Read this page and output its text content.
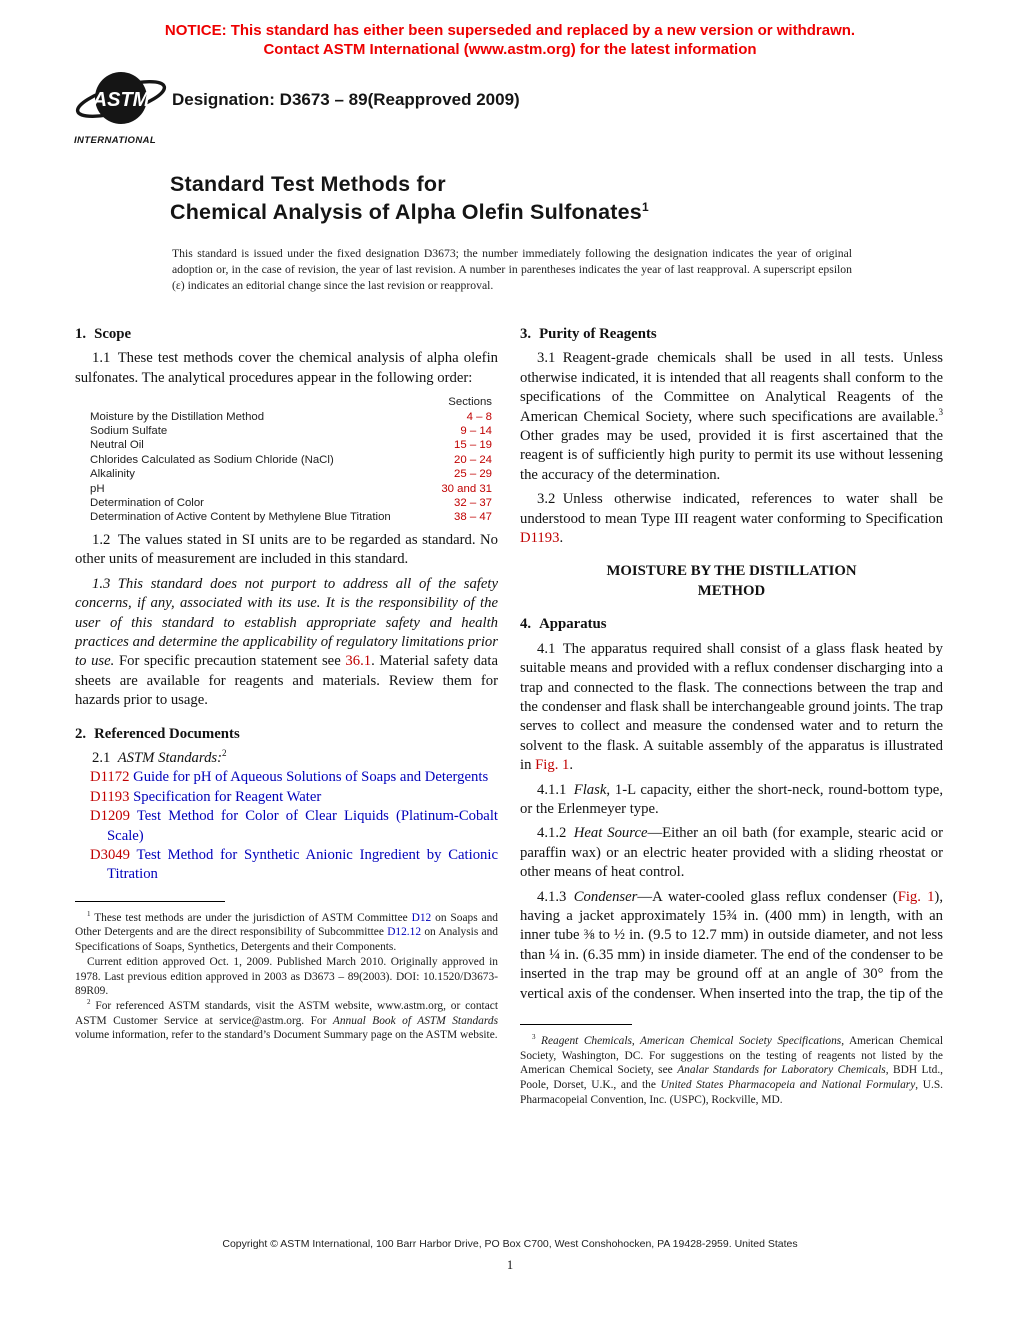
NOTICE: This standard has either been superseded and replaced by a new version or withdrawn.
Contact ASTM International (www.astm.org) for the latest information
ASTM
INTERNATIONAL
Designation: D3673 – 89(Reapproved 2009)
Standard Test Methods for
Chemical Analysis of Alpha Olefin Sulfonates$^1$
This standard is issued under the fixed designation D3673; the number immediately following the designation indicates the year of original adoption or, in the case of revision, the year of last revision. A number in parentheses indicates the year of last reapproval. A superscript epsilon (ε) indicates an editorial change since the last revision or reapproval.
1. Scope

1.1 These test methods cover the chemical analysis of alpha olefin sulfonates. The analytical procedures appear in the following order:

Sections
Moisture by the Distillation Method	4 – 8
Sodium Sulfate	9 – 14
Neutral Oil	15 – 19
Chlorides Calculated as Sodium Chloride (NaCl)	20 – 24
Alkalinity	25 – 29
pH	30 and 31
Determination of Color	32 – 37
Determination of Active Content by Methylene Blue Titration	38 – 47

1.2 The values stated in SI units are to be regarded as standard. No other units of measurement are included in this standard.

1.3 This standard does not purport to address all of the safety concerns, if any, associated with its use. It is the responsibility of the user of this standard to establish appropriate safety and health practices and determine the applicability of regulatory limitations prior to use. For specific precaution statement see 36.1. Material safety data sheets are available for reagents and materials. Review them for hazards prior to usage.

2. Referenced Documents

2.1 ASTM Standards:$^2$

D1172 Guide for pH of Aqueous Solutions of Soaps and Detergents
D1193 Specification for Reagent Water
D1209 Test Method for Color of Clear Liquids (Platinum-Cobalt Scale)
D3049 Test Method for Synthetic Anionic Ingredient by Cationic Titration

$^1$ These test methods are under the jurisdiction of ASTM Committee D12 on Soaps and Other Detergents and are the direct responsibility of Subcommittee D12.12 on Analysis and Specifications of Soaps, Synthetics, Detergents and their Components.

Current edition approved Oct. 1, 2009. Published March 2010. Originally approved in 1978. Last previous edition approved in 2003 as D3673 – 89(2003). DOI: 10.1520/D3673-89R09.

$^2$ For referenced ASTM standards, visit the ASTM website, www.astm.org, or contact ASTM Customer Service at service@astm.org. For Annual Book of ASTM Standards volume information, refer to the standard’s Document Summary page on the ASTM website.

3. Purity of Reagents

3.1 Reagent-grade chemicals shall be used in all tests. Unless otherwise indicated, it is intended that all reagents shall conform to the specifications of the Committee on Analytical Reagents of the American Chemical Society, where such specifications are available.$^3$ Other grades may be used, provided it is first ascertained that the reagent is of sufficiently high purity to permit its use without lessening the accuracy of the determination.

3.2 Unless otherwise indicated, references to water shall be understood to mean Type III reagent water conforming to Specification D1193.

MOISTURE BY THE DISTILLATION
METHOD
4. Apparatus

4.1 The apparatus required shall consist of a glass flask heated by suitable means and provided with a reflux condenser discharging into a trap and connected to the flask. The connections between the trap and the condenser and flask shall be interchangeable ground joints. The trap serves to collect and measure the condensed water and to return the solvent to the flask. A suitable assembly of the apparatus is illustrated in Fig. 1.

4.1.1 Flask, 1-L capacity, either the short-neck, round-bottom type, or the Erlenmeyer type.

4.1.2 Heat Source—Either an oil bath (for example, stearic acid or paraffin wax) or an electric heater provided with a sliding rheostat or other means of heat control.

4.1.3 Condenser—A water-cooled glass reflux condenser (Fig. 1), having a jacket approximately 15¾ in. (400 mm) in length, with an inner tube ⅜ to ½ in. (9.5 to 12.7 mm) in outside diameter, and not less than ¼ in. (6.35 mm) in inside diameter. The end of the condenser to be inserted in the trap may be ground off at an angle of 30° from the vertical axis of the condenser. When inserted into the trap, the tip of the

$^3$ Reagent Chemicals, American Chemical Society Specifications, American Chemical Society, Washington, DC. For suggestions on the testing of reagents not listed by the American Chemical Society, see Analar Standards for Laboratory Chemicals, BDH Ltd., Poole, Dorset, U.K., and the United States Pharmacopeia and National Formulary, U.S. Pharmacopeial Convention, Inc. (USPC), Rockville, MD.

Copyright © ASTM International, 100 Barr Harbor Drive, PO Box C700, West Conshohocken, PA 19428-2959. United States
1
